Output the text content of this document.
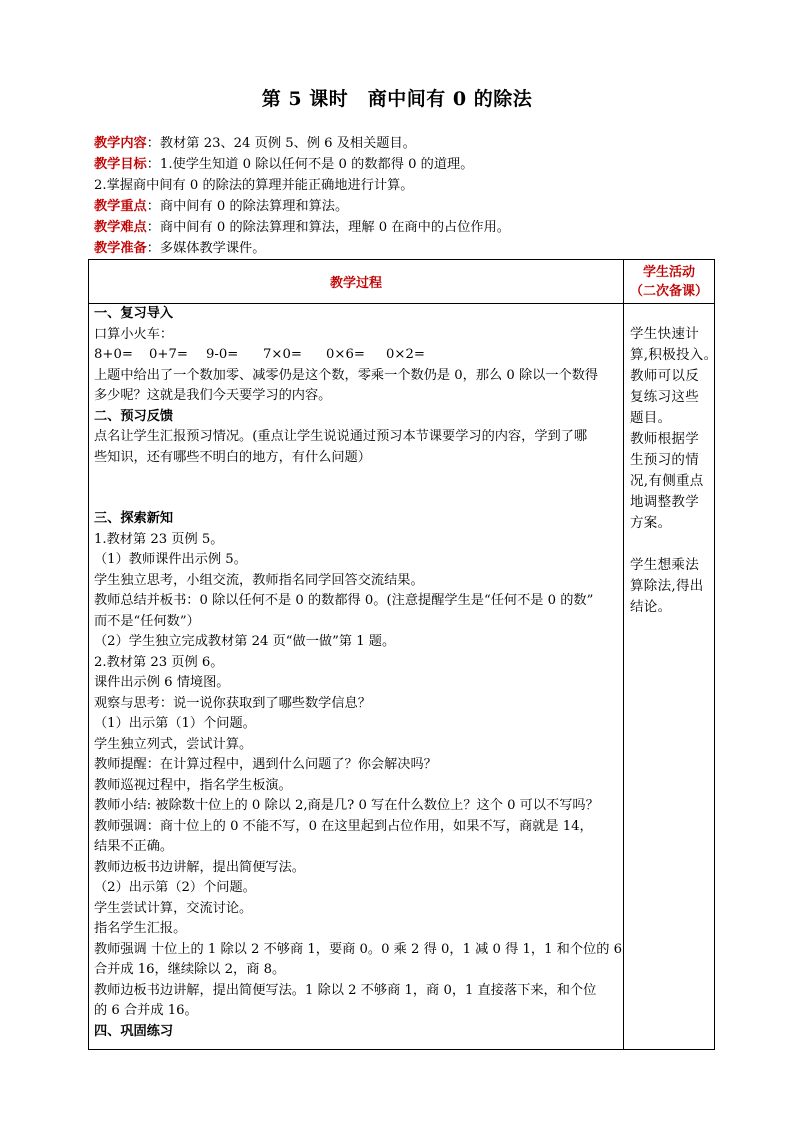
第 5 课时　商中间有 0 的除法
教学内容：教材第 23、24 页例 5、例 6 及相关题目。
教学目标：1.使学生知道 0 除以任何不是 0 的数都得 0 的道理。
2.掌握商中间有 0 的除法的算理并能正确地进行计算。
教学重点：商中间有 0 的除法算理和算法。
教学难点：商中间有 0 的除法算理和算法，理解 0 在商中的占位作用。
教学准备：多媒体教学课件。
教学过程
学生活动
（二次备课）
一、复习导入
口算小火车：
8+0= 0+7= 9-0= 7×0= 0×6= 0×2=
上题中给出了一个数加零、减零仍是这个数，零乘一个数仍是 0，那么 0 除以一个数得
多少呢？这就是我们今天要学习的内容。
二、预习反馈
点名让学生汇报预习情况。(重点让学生说说通过预习本节课要学习的内容，学到了哪
些知识，还有哪些不明白的地方，有什么问题）
三、探索新知
1.教材第 23 页例 5。
（1）教师课件出示例 5。
学生独立思考，小组交流，教师指名同学回答交流结果。
教师总结并板书：0 除以任何不是 0 的数都得 0。(注意提醒学生是“任何不是 0 的数”
而不是“任何数”）
（2）学生独立完成教材第 24 页“做一做”第 1 题。
2.教材第 23 页例 6。
课件出示例 6 情境图。
观察与思考：说一说你获取到了哪些数学信息？
（1）出示第（1）个问题。
学生独立列式，尝试计算。
教师提醒：在计算过程中，遇到什么问题了？你会解决吗？
教师巡视过程中，指名学生板演。
教师小结: 被除数十位上的 0 除以 2,商是几? 0 写在什么数位上？这个 0 可以不写吗？
教师强调：商十位上的 0 不能不写，0 在这里起到占位作用，如果不写，商就是 14，
结果不正确。
教师边板书边讲解，提出简便写法。
（2）出示第（2）个问题。
学生尝试计算，交流讨论。
指名学生汇报。
教师强调 十位上的 1 除以 2 不够商 1，要商 0。0 乘 2 得 0，1 减 0 得 1，1 和个位的 6
合并成 16，继续除以 2，商 8。
教师边板书边讲解，提出简便写法。1 除以 2 不够商 1，商 0，1 直接落下来，和个位
的 6 合并成 16。
四、巩固练习
学生快速计
算,积极投入。
教师可以反
复练习这些
题目。
教师根据学
生预习的情
况,有侧重点
地调整教学
方案。
学生想乘法
算除法,得出
结论。
